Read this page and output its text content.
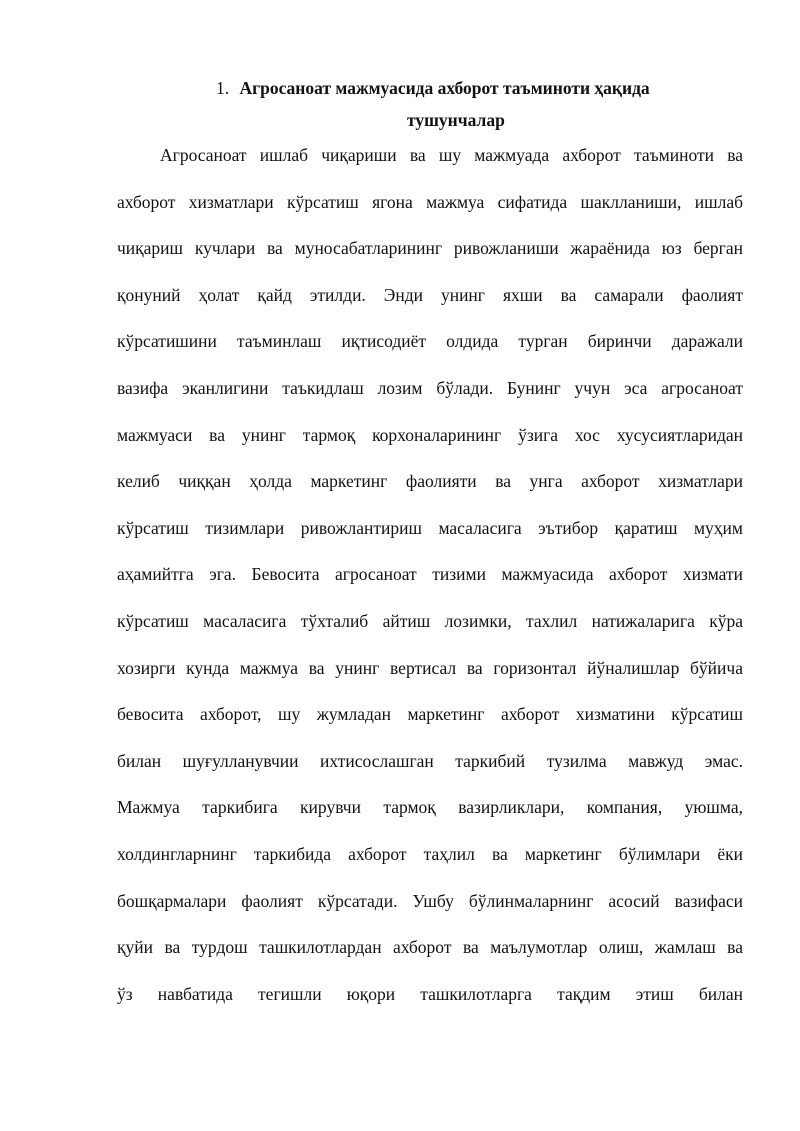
1. Агросаноат мажмуасида ахборот таъминоти ҳақида
тушунчалар
Агросаноат ишлаб чиқариши ва шу мажмуада ахборот таъминоти ва
ахборот хизматлари кўрсатиш ягона мажмуа сифатида шаклланиши, ишлаб
чиқариш кучлари ва муносабатларининг ривожланиши жараёнида юз берган
қонуний ҳолат қайд этилди. Энди унинг яхши ва самарали фаолият
кўрсатишини таъминлаш иқтисодиёт олдида турган биринчи даражали
вазифа эканлигини таъкидлаш лозим бўлади. Бунинг учун эса агросаноат
мажмуаси ва унинг тармоқ корхоналарининг ўзига хос хусусиятларидан
келиб чиққан ҳолда маркетинг фаолияти ва унга ахборот хизматлари
кўрсатиш тизимлари ривожлантириш масаласига эътибор қаратиш муҳим
аҳамийтга эга. Бевосита агросаноат тизими мажмуасида ахборот хизмати
кўрсатиш масаласига тўхталиб айтиш лозимки, тахлил натижаларига кўра
хозирги кунда мажмуа ва унинг вертисал ва горизонтал йўналишлар бўйича
бевосита ахборот, шу жумладан маркетинг ахборот хизматини кўрсатиш
билан шуғулланувчии ихтисослашган таркибий тузилма мавжуд эмас.
Мажмуа таркибига кирувчи тармоқ вазирликлари, компания, уюшма,
холдингларнинг таркибида ахборот таҳлил ва маркетинг бўлимлари ёки
бошқармалари фаолият кўрсатади. Ушбу бўлинмаларнинг асосий вазифаси
қуйи ва турдош ташкилотлардан ахборот ва маълумотлар олиш, жамлаш ва
ўз навбатида тегишли юқори ташкилотларга тақдим этиш билан
